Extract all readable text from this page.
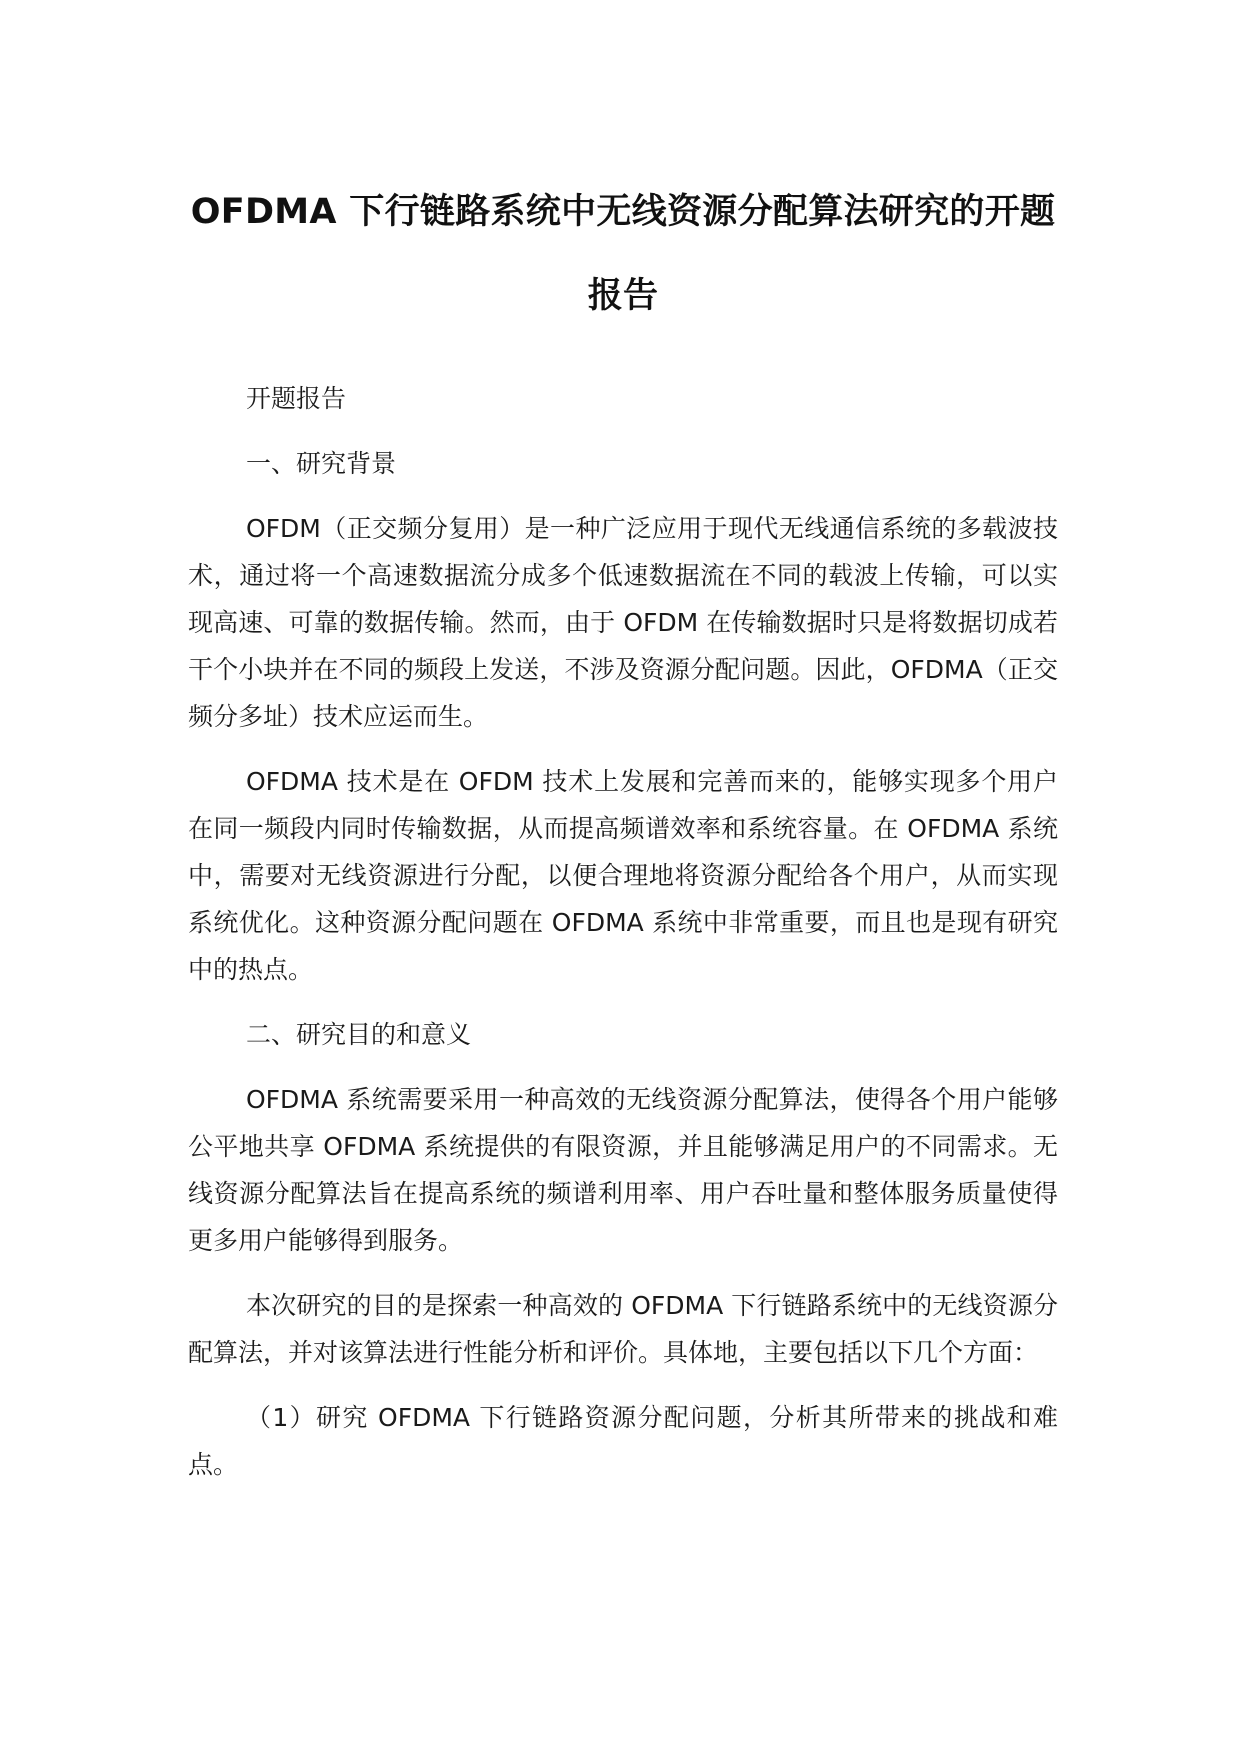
OFDMA 下行链路系统中无线资源分配算法研究的开题报告

开题报告

一、研究背景

OFDM（正交频分复用）是一种广泛应用于现代无线通信系统的多载波技术，通过将一个高速数据流分成多个低速数据流在不同的载波上传输，可以实现高速、可靠的数据传输。然而，由于 OFDM 在传输数据时只是将数据切成若干个小块并在不同的频段上发送，不涉及资源分配问题。因此，OFDMA（正交频分多址）技术应运而生。

OFDMA 技术是在 OFDM 技术上发展和完善而来的，能够实现多个用户在同一频段内同时传输数据，从而提高频谱效率和系统容量。在 OFDMA 系统中，需要对无线资源进行分配，以便合理地将资源分配给各个用户，从而实现系统优化。这种资源分配问题在 OFDMA 系统中非常重要，而且也是现有研究中的热点。

二、研究目的和意义

OFDMA 系统需要采用一种高效的无线资源分配算法，使得各个用户能够公平地共享 OFDMA 系统提供的有限资源，并且能够满足用户的不同需求。无线资源分配算法旨在提高系统的频谱利用率、用户吞吐量和整体服务质量使得更多用户能够得到服务。

本次研究的目的是探索一种高效的 OFDMA 下行链路系统中的无线资源分配算法，并对该算法进行性能分析和评价。具体地，主要包括以下几个方面：

（1）研究 OFDMA 下行链路资源分配问题，分析其所带来的挑战和难点。
